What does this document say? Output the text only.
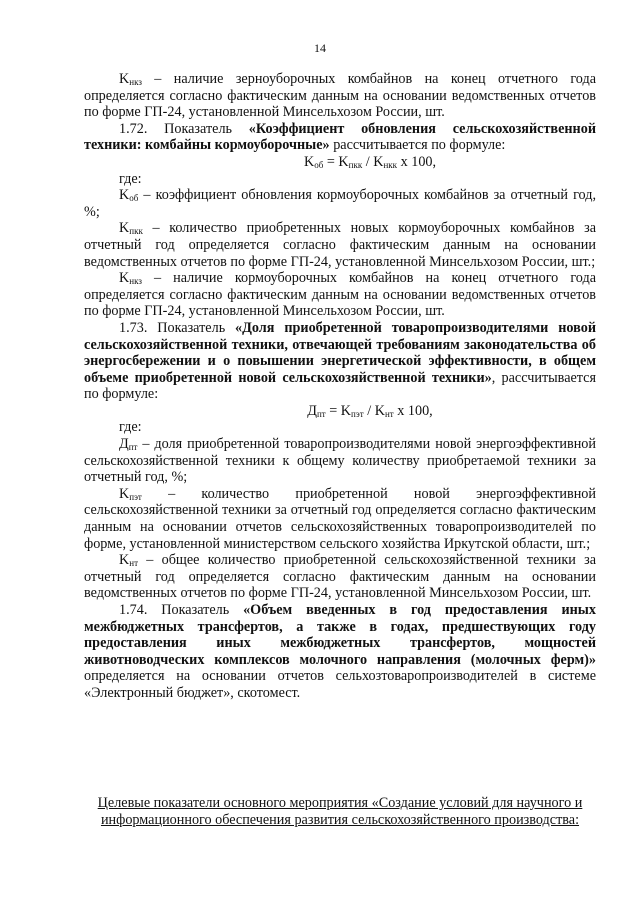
14

$K_{нкз}$ – наличие зерноуборочных комбайнов на конец отчетного года определяется согласно фактическим данным на основании ведомственных отчетов по форме ГП-24, установленной Минсельхозом России, шт.

1.72. Показатель «Коэффициент обновления сельскохозяйственной техники: комбайны кормоуборочные» рассчитывается по формуле:

$K_{об} = K_{пкк} / K_{нкк}$ x 100,

где:

$K_{об}$ – коэффициент обновления кормоуборочных комбайнов за отчетный год, %;

$K_{пкк}$ – количество приобретенных новых кормоуборочных комбайнов за отчетный год определяется согласно фактическим данным на основании ведомственных отчетов по форме ГП-24, установленной Минсельхозом России, шт.;

$K_{нкз}$ – наличие кормоуборочных комбайнов на конец отчетного года определяется согласно фактическим данным на основании ведомственных отчетов по форме ГП-24, установленной Минсельхозом России, шт.

1.73. Показатель «Доля приобретенной товаропроизводителями новой сельскохозяйственной техники, отвечающей требованиям законодательства об энергосбережении и о повышении энергетической эффективности, в общем объеме приобретенной новой сельскохозяйственной техники», рассчитывается по формуле:

$Д_{пт} = K_{пэт} / K_{нт}$ x 100,

где:

$Д_{пт}$ – доля приобретенной товаропроизводителями новой энергоэффективной сельскохозяйственной техники к общему количеству приобретаемой техники за отчетный год, %;

$K_{пэт}$ – количество приобретенной новой энергоэффективной сельскохозяйственной техники за отчетный год определяется согласно фактическим данным на основании отчетов сельскохозяйственных товаропроизводителей по форме, установленной министерством сельского хозяйства Иркутской области, шт.;

$K_{нт}$ – общее количество приобретенной сельскохозяйственной техники за отчетный год определяется согласно фактическим данным на основании ведомственных отчетов по форме ГП-24, установленной Минсельхозом России, шт.

1.74. Показатель «Объем введенных в год предоставления иных межбюджетных трансфертов, а также в годах, предшествующих году предоставления иных межбюджетных трансфертов, мощностей животноводческих комплексов молочного направления (молочных ферм)» определяется на основании отчетов сельхозтоваропроизводителей в системе «Электронный бюджет», скотомест.

Целевые показатели основного мероприятия «Создание условий для научного и информационного обеспечения развития сельскохозяйственного производства:
